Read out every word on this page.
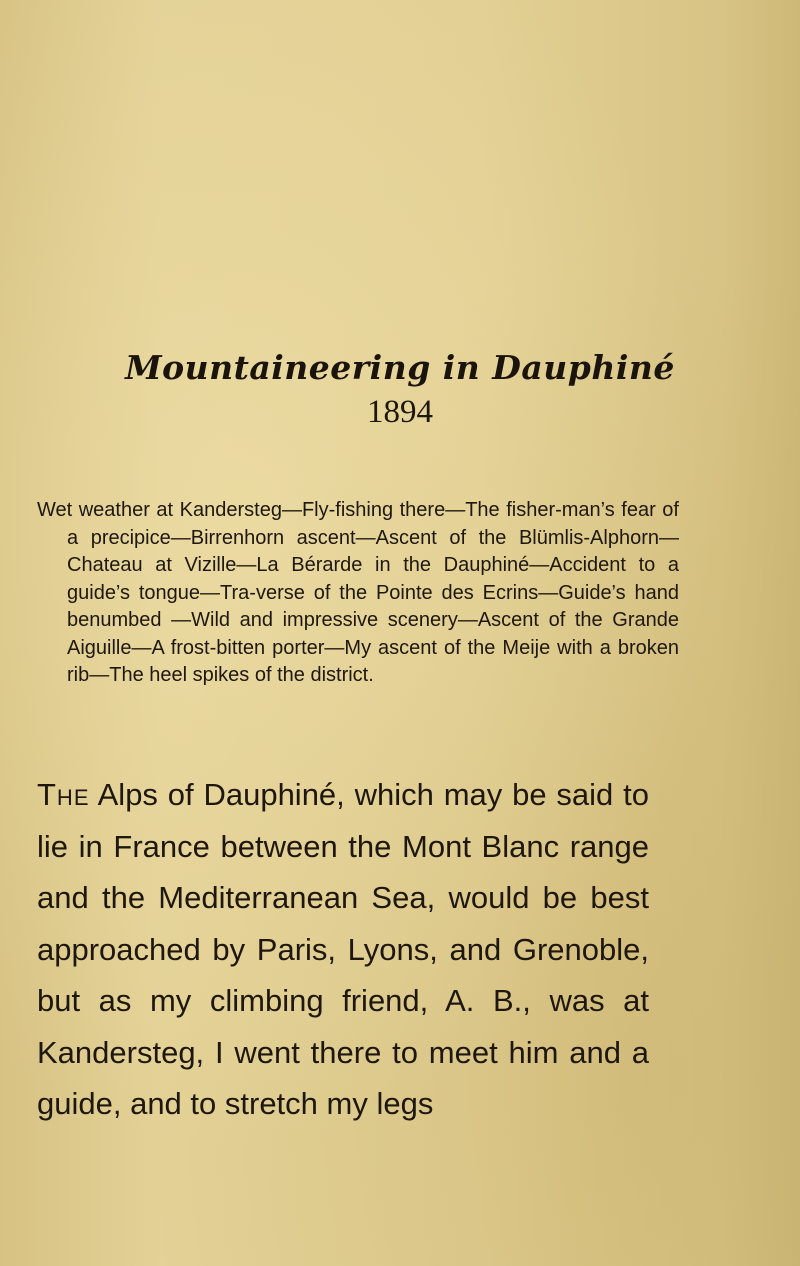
Mountaineering in Dauphiné
1894

Wet weather at Kandersteg—Fly-fishing there—The fisher-man’s fear of a precipice—Birrenhorn ascent—Ascent of the Blümlis-Alphorn—Chateau at Vizille—La Bérarde in the Dauphiné—Accident to a guide’s tongue—Tra-verse of the Pointe des Ecrins—Guide’s hand benumbed —Wild and impressive scenery—Ascent of the Grande Aiguille—A frost-bitten porter—My ascent of the Meije with a broken rib—The heel spikes of the district.

The Alps of Dauphiné, which may be said to lie in France between the Mont Blanc range and the Mediterranean Sea, would be best approached by Paris, Lyons, and Grenoble, but as my climbing friend, A. B., was at Kandersteg, I went there to meet him and a guide, and to stretch my legs
